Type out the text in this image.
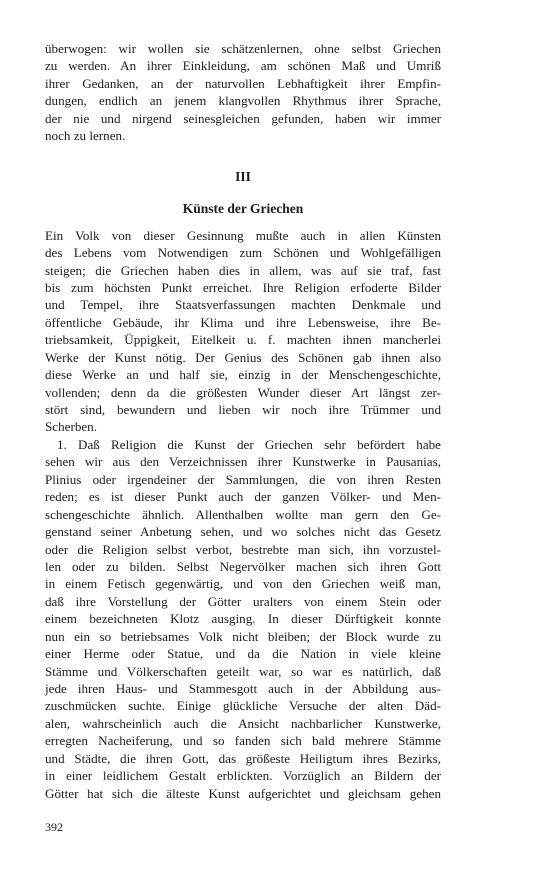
überwogen: wir wollen sie schätzenlernen, ohne selbst Griechen
zu werden. An ihrer Einkleidung, am schönen Maß und Umriß
ihrer Gedanken, an der naturvollen Lebhaftigkeit ihrer Empfin-
dungen, endlich an jenem klangvollen Rhythmus ihrer Sprache,
der nie und nirgend seinesgleichen gefunden, haben wir immer
noch zu lernen.
III
Künste der Griechen
Ein Volk von dieser Gesinnung mußte auch in allen Künsten
des Lebens vom Notwendigen zum Schönen und Wohlgefälligen
steigen; die Griechen haben dies in allem, was auf sie traf, fast
bis zum höchsten Punkt erreichet. Ihre Religion erfoderte Bilder
und Tempel, ihre Staatsverfassungen machten Denkmale und
öffentliche Gebäude, ihr Klima und ihre Lebensweise, ihre Be-
triebsamkeit, Üppigkeit, Eitelkeit u. f. machten ihnen mancherlei
Werke der Kunst nötig. Der Genius des Schönen gab ihnen also
diese Werke an und half sie, einzig in der Menschengeschichte,
vollenden; denn da die größesten Wunder dieser Art längst zer-
stört sind, bewundern und lieben wir noch ihre Trümmer und
Scherben.
1. Daß Religion die Kunst der Griechen sehr befördert habe
sehen wir aus den Verzeichnissen ihrer Kunstwerke in Pausanias,
Plinius oder irgendeiner der Sammlungen, die von ihren Resten
reden; es ist dieser Punkt auch der ganzen Völker- und Men-
schengeschichte ähnlich. Allenthalben wollte man gern den Ge-
genstand seiner Anbetung sehen, und wo solches nicht das Gesetz
oder die Religion selbst verbot, bestrebte man sich, ihn vorzustel-
len oder zu bilden. Selbst Negervölker machen sich ihren Gott
in einem Fetisch gegenwärtig, und von den Griechen weiß man,
daß ihre Vorstellung der Götter uralters von einem Stein oder
einem bezeichneten Klotz ausging. In dieser Dürftigkeit konnte
nun ein so betriebsames Volk nicht bleiben; der Block wurde zu
einer Herme oder Statue, und da die Nation in viele kleine
Stämme und Völkerschaften geteilt war, so war es natürlich, daß
jede ihren Haus- und Stammesgott auch in der Abbildung aus-
zuschmücken suchte. Einige glückliche Versuche der alten Däd-
alen, wahrscheinlich auch die Ansicht nachbarlicher Kunstwerke,
erregten Nacheiferung, und so fanden sich bald mehrere Stämme
und Städte, die ihren Gott, das größeste Heiligtum ihres Bezirks,
in einer leidlichem Gestalt erblickten. Vorzüglich an Bildern der
Götter hat sich die älteste Kunst aufgerichtet und gleichsam gehen
392
